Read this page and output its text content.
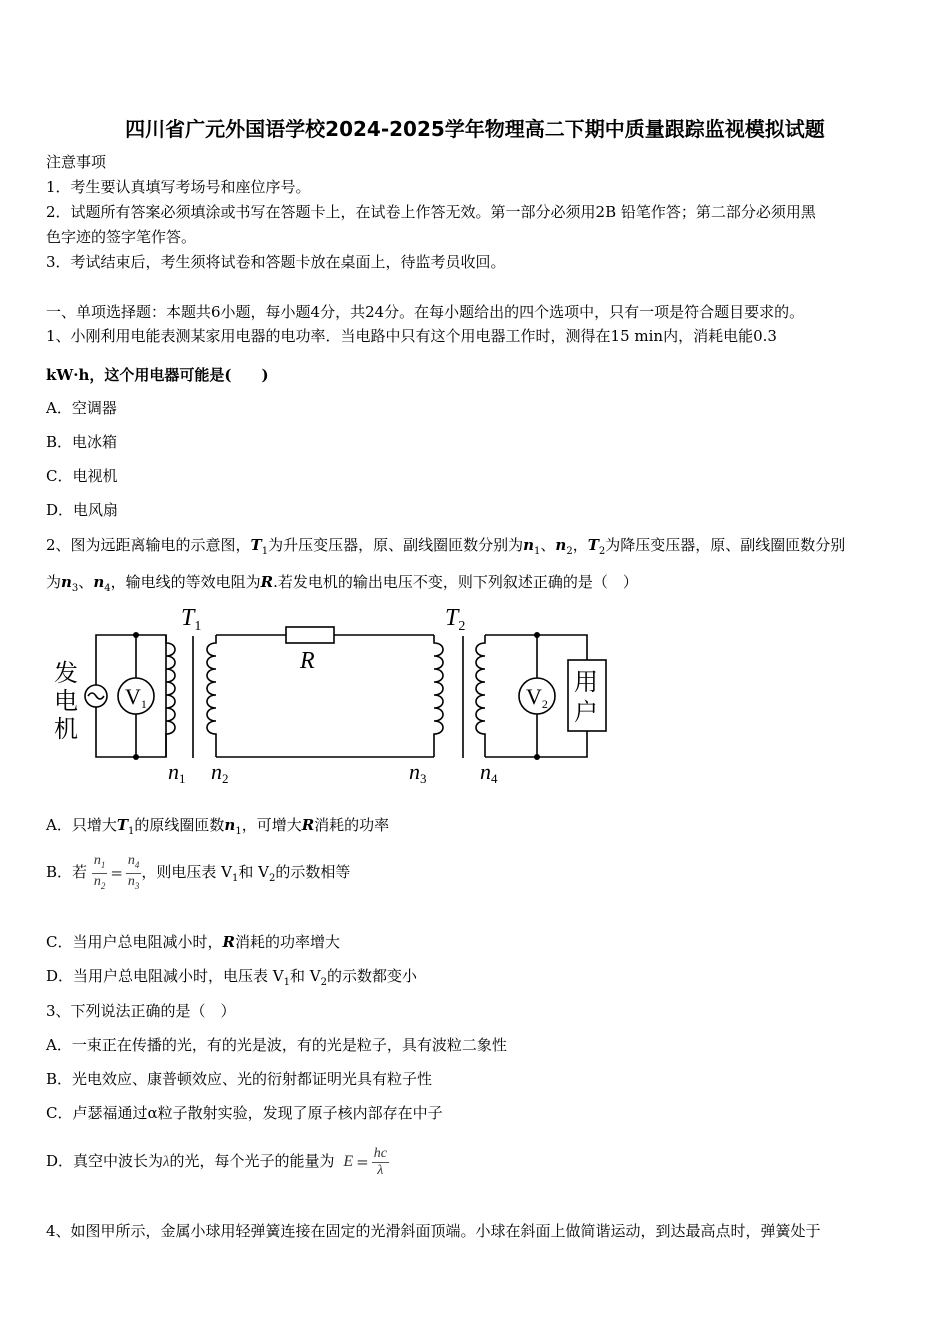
四川省广元外国语学校2024-2025学年物理高二下期中质量跟踪监视模拟试题
注意事项
1．考生要认真填写考场号和座位序号。
2．试题所有答案必须填涂或书写在答题卡上，在试卷上作答无效。第一部分必须用2B 铅笔作答；第二部分必须用黑
色字迹的签字笔作答。
3．考试结束后，考生须将试卷和答题卡放在桌面上，待监考员收回。
一、单项选择题：本题共6小题，每小题4分，共24分。在每小题给出的四个选项中，只有一项是符合题目要求的。
1、小刚利用电能表测某家用电器的电功率．当电路中只有这个用电器工作时，测得在15 min内，消耗电能0.3
kW·h，这个用电器可能是(　　)
A．空调器
B．电冰箱
C．电视机
D．电风扇
2、图为远距离输电的示意图，$T_1$为升压变压器，原、副线圈匝数分别为$n_1$、$n_2$，$T_2$为降压变压器，原、副线圈匝数分别
为$n_3$、$n_4$，输电线的等效电阻为R.若发电机的输出电压不变，则下列叙述正确的是（　）
$T_1$	$T_2$
R
发
电
机
V1	V2
用
户
n1 n2	n3 n4
A．只增大$T_1$的原线圈匝数$n_1$，可增大R消耗的功率
B．若 $\frac{n_1}{n_2} = \frac{n_4}{n_3}$ ，则电压表 $V_1$和 $V_2$的示数相等
C．当用户总电阻减小时，R消耗的功率增大
D．当用户总电阻减小时，电压表 $V_1$和 $V_2$的示数都变小
3、下列说法正确的是（　）
A．一束正在传播的光，有的光是波，有的光是粒子，具有波粒二象性
B．光电效应、康普顿效应、光的衍射都证明光具有粒子性
C．卢瑟福通过α粒子散射实验，发现了原子核内部存在中子
D．真空中波长为λ的光，每个光子的能量为 $E = \frac{hc}{\lambda}$
4、如图甲所示，金属小球用轻弹簧连接在固定的光滑斜面顶端。小球在斜面上做简谐运动，到达最高点时，弹簧处于
